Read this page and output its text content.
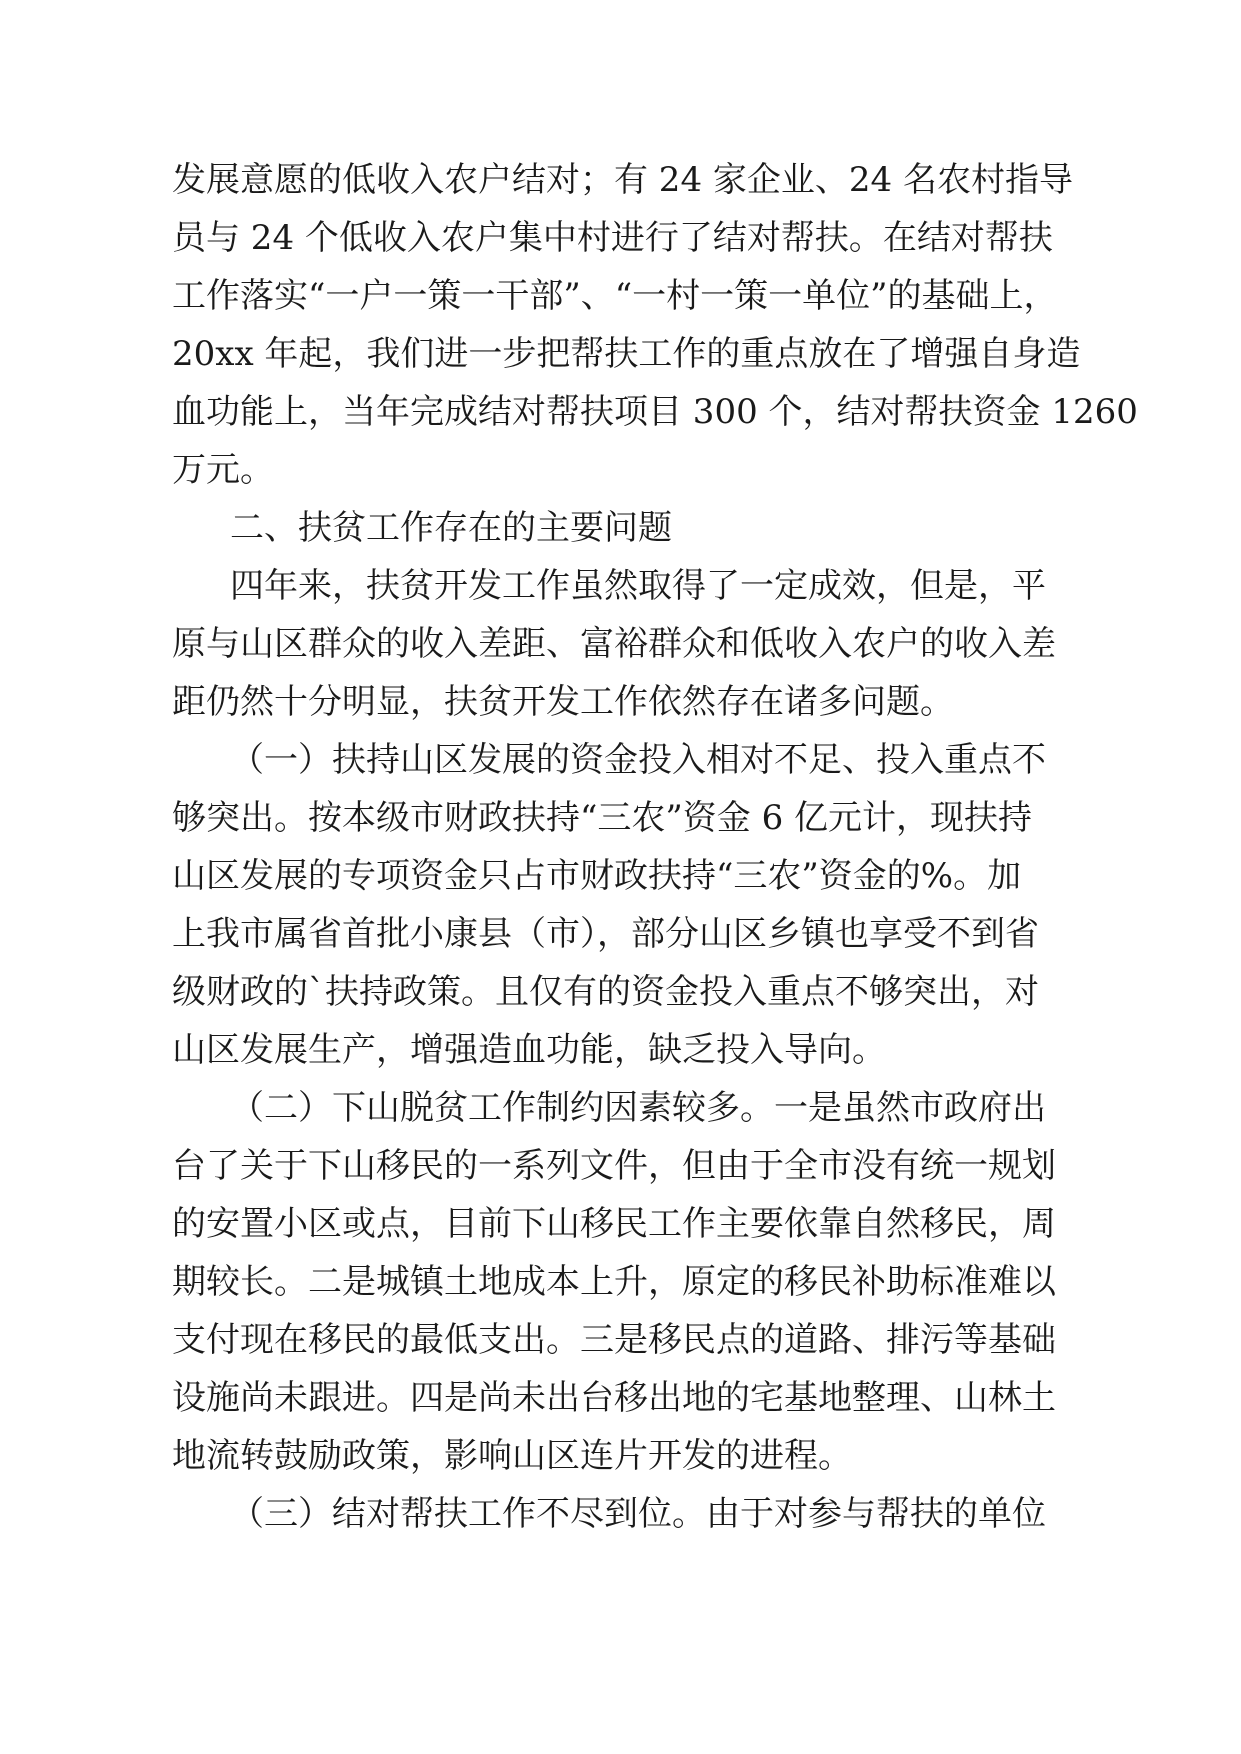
发展意愿的低收入农户结对；有 24 家企业、24 名农村指导
员与 24 个低收入农户集中村进行了结对帮扶。在结对帮扶
工作落实“一户一策一干部”、“一村一策一单位”的基础上，
20xx 年起，我们进一步把帮扶工作的重点放在了增强自身造
血功能上，当年完成结对帮扶项目 300 个，结对帮扶资金 1260
万元。
二、扶贫工作存在的主要问题
四年来，扶贫开发工作虽然取得了一定成效，但是，平
原与山区群众的收入差距、富裕群众和低收入农户的收入差
距仍然十分明显，扶贫开发工作依然存在诸多问题。
（一）扶持山区发展的资金投入相对不足、投入重点不
够突出。按本级市财政扶持“三农”资金 6 亿元计，现扶持
山区发展的专项资金只占市财政扶持“三农”资金的%。加
上我市属省首批小康县（市），部分山区乡镇也享受不到省
级财政的`扶持政策。且仅有的资金投入重点不够突出，对
山区发展生产，增强造血功能，缺乏投入导向。
（二）下山脱贫工作制约因素较多。一是虽然市政府出
台了关于下山移民的一系列文件，但由于全市没有统一规划
的安置小区或点，目前下山移民工作主要依靠自然移民，周
期较长。二是城镇土地成本上升，原定的移民补助标准难以
支付现在移民的最低支出。三是移民点的道路、排污等基础
设施尚未跟进。四是尚未出台移出地的宅基地整理、山林土
地流转鼓励政策，影响山区连片开发的进程。
（三）结对帮扶工作不尽到位。由于对参与帮扶的单位
